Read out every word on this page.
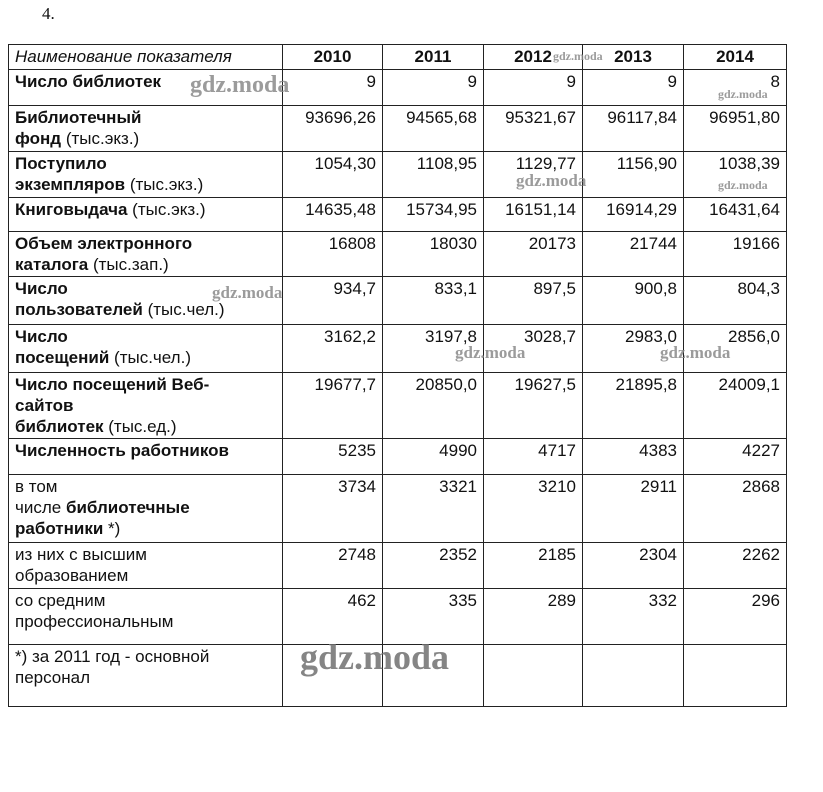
4.
Наименование показателя	2010	2011	2012	2013	2014
Число библиотек	9	9	9	9	8
Библиотечный
фонд (тыс.экз.)	93696,26	94565,68	95321,67	96117,84	96951,80
Поступило
экземпляров (тыс.экз.)	1054,30	1108,95	1129,77	1156,90	1038,39
Книговыдача (тыс.экз.)	14635,48	15734,95	16151,14	16914,29	16431,64
Объем электронного
каталога (тыс.зап.)	16808	18030	20173	21744	19166
Число
пользователей (тыс.чел.)	934,7	833,1	897,5	900,8	804,3
Число
посещений (тыс.чел.)	3162,2	3197,8	3028,7	2983,0	2856,0
Число посещений Веб-
сайтов
библиотек (тыс.ед.)	19677,7	20850,0	19627,5	21895,8	24009,1
Численность работников	5235	4990	4717	4383	4227
в том
числе библиотечные
работники *)	3734	3321	3210	2911	2868
из них с высшим
образованием	2748	2352	2185	2304	2262
со средним
профессиональным	462	335	289	332	296
*) за 2011 год - основной
персонал					
gdz.moda
gdz.moda
gdz.moda
gdz.moda	gdz.moda
gdz.moda
gdz.moda	gdz.moda
gdz.moda
